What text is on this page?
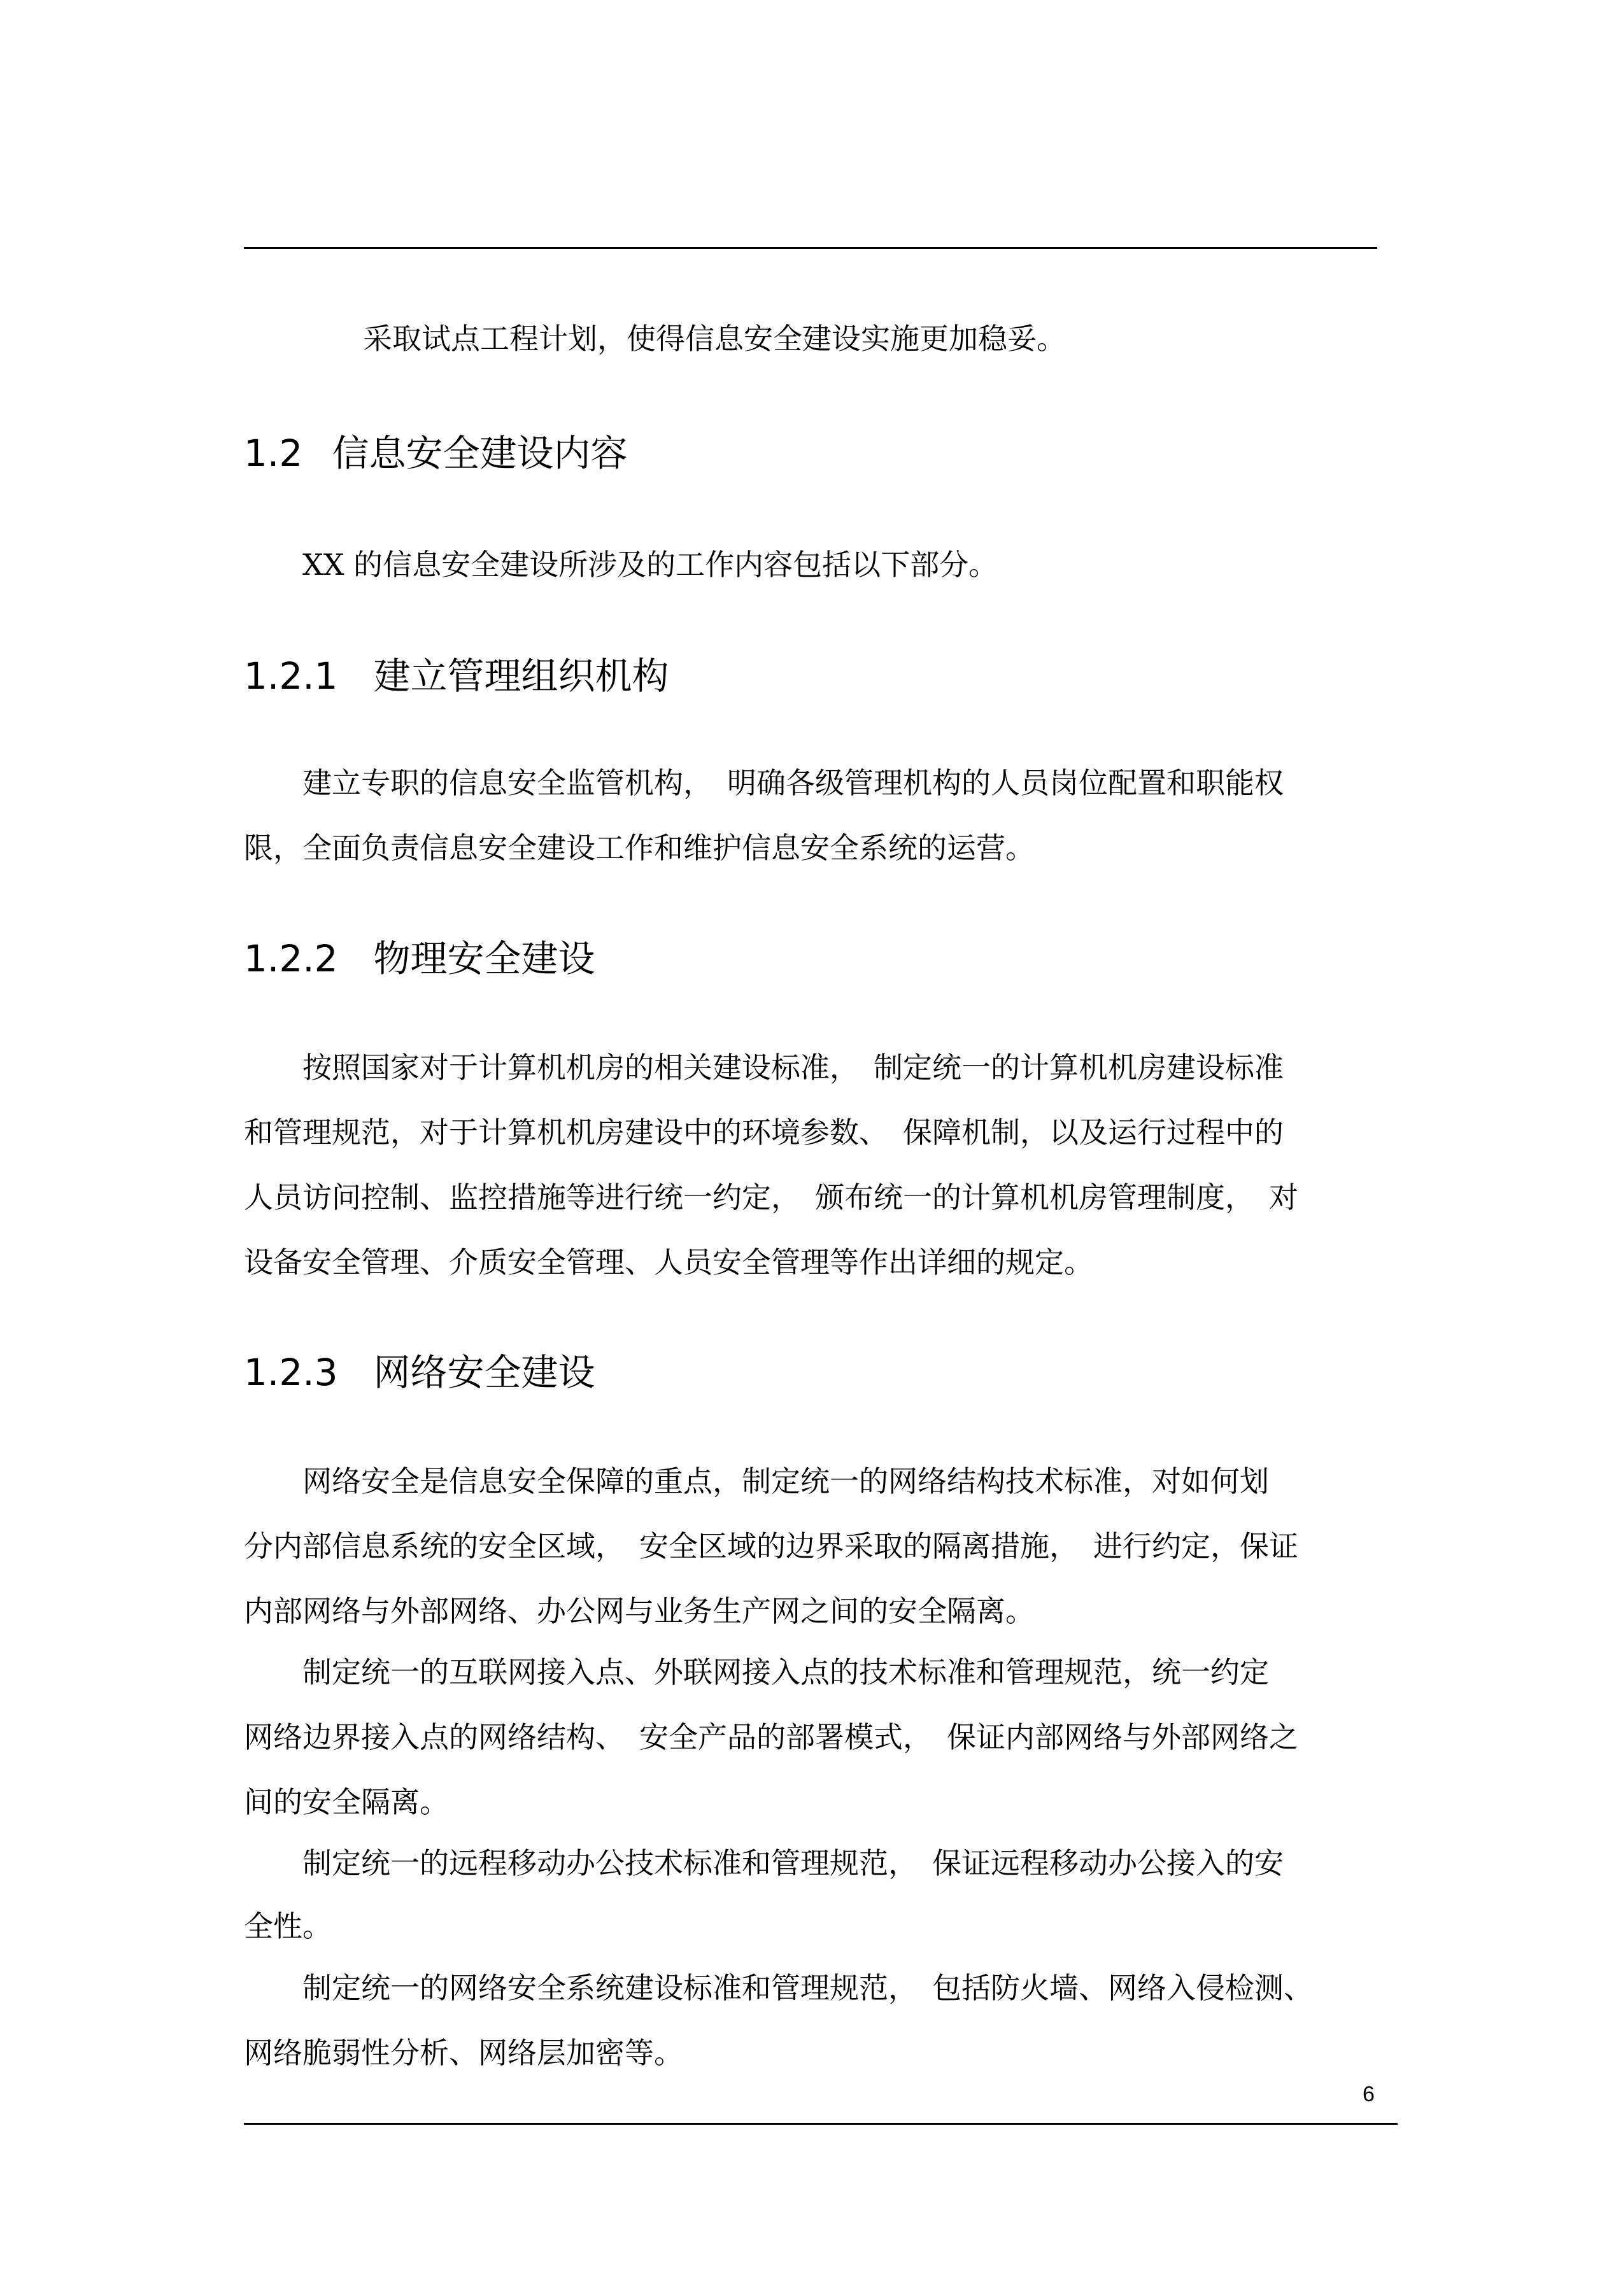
采取试点工程计划，使得信息安全建设实施更加稳妥。
1.2 信息安全建设内容
XX 的信息安全建设所涉及的工作内容包括以下部分。
1.2.1 建立管理组织机构
建立专职的信息安全监管机构，　明确各级管理机构的人员岗位配置和职能权
限，全面负责信息安全建设工作和维护信息安全系统的运营。
1.2.2 物理安全建设
按照国家对于计算机机房的相关建设标准，　制定统一的计算机机房建设标准
和管理规范，对于计算机机房建设中的环境参数、　保障机制，以及运行过程中的
人员访问控制、监控措施等进行统一约定，　颁布统一的计算机机房管理制度，　对
设备安全管理、介质安全管理、人员安全管理等作出详细的规定。
1.2.3 网络安全建设
网络安全是信息安全保障的重点，制定统一的网络结构技术标准，对如何划
分内部信息系统的安全区域，　安全区域的边界采取的隔离措施，　进行约定，保证
内部网络与外部网络、办公网与业务生产网之间的安全隔离。
制定统一的互联网接入点、外联网接入点的技术标准和管理规范，统一约定
网络边界接入点的网络结构、　安全产品的部署模式，　保证内部网络与外部网络之
间的安全隔离。
制定统一的远程移动办公技术标准和管理规范，　保证远程移动办公接入的安
全性。
制定统一的网络安全系统建设标准和管理规范，　包括防火墙、网络入侵检测、
网络脆弱性分析、网络层加密等。
6
